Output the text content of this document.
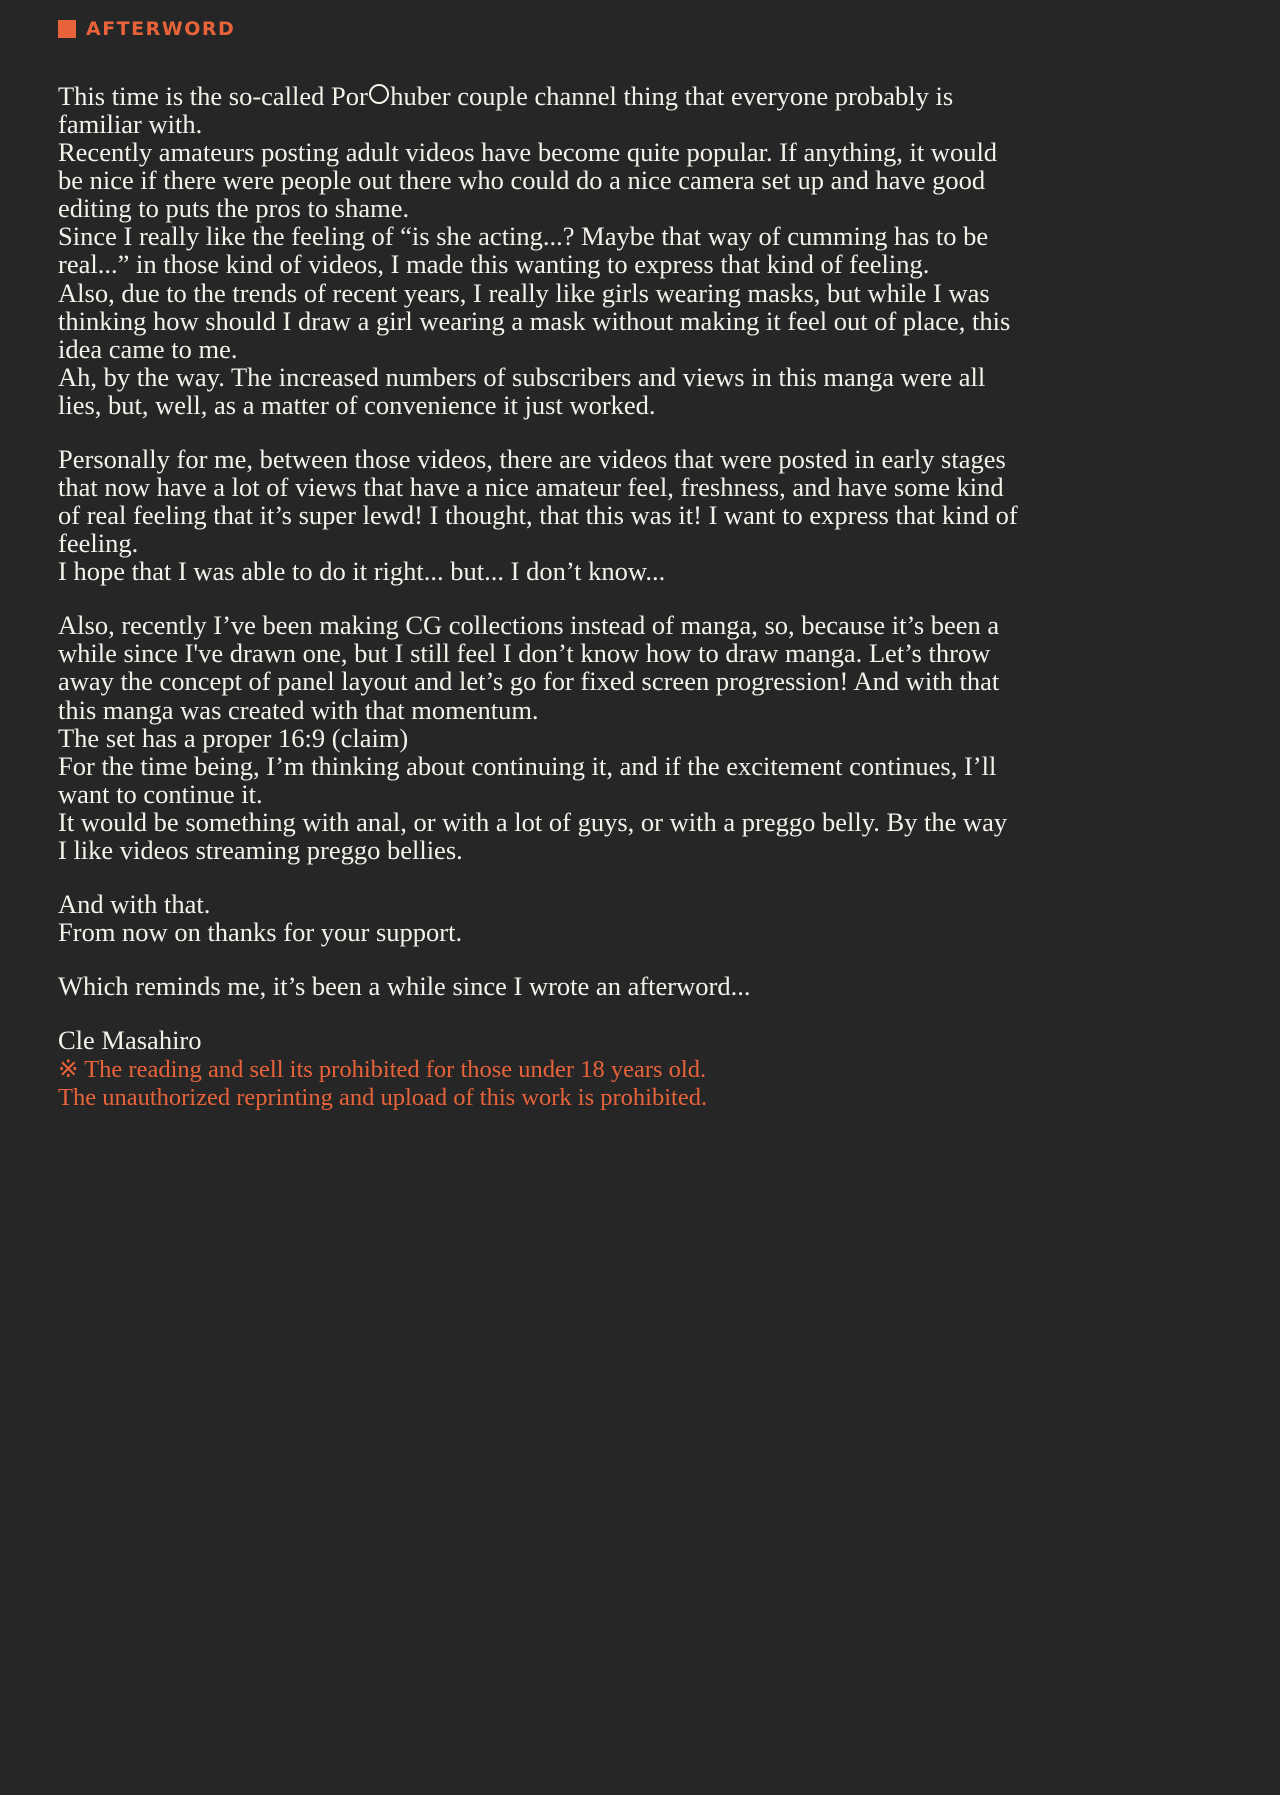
AFTERWORD

This time is the so-called Por huber couple channel thing that everyone probably is
familiar with.
Recently amateurs posting adult videos have become quite popular. If anything, it would
be nice if there were people out there who could do a nice camera set up and have good
editing to puts the pros to shame.
Since I really like the feeling of “is she acting...? Maybe that way of cumming has to be
real...” in those kind of videos, I made this wanting to express that kind of feeling.
Also, due to the trends of recent years, I really like girls wearing masks, but while I was
thinking how should I draw a girl wearing a mask without making it feel out of place, this
idea came to me.
Ah, by the way. The increased numbers of subscribers and views in this manga were all
lies, but, well, as a matter of convenience it just worked.

Personally for me, between those videos, there are videos that were posted in early stages
that now have a lot of views that have a nice amateur feel, freshness, and have some kind
of real feeling that it’s super lewd! I thought, that this was it! I want to express that kind of
feeling.
I hope that I was able to do it right... but... I don’t know...

Also, recently I’ve been making CG collections instead of manga, so, because it’s been a
while since I've drawn one, but I still feel I don’t know how to draw manga. Let’s throw
away the concept of panel layout and let’s go for fixed screen progression! And with that
this manga was created with that momentum.
The set has a proper 16:9 (claim)
For the time being, I’m thinking about continuing it, and if the excitement continues, I’ll
want to continue it.
It would be something with anal, or with a lot of guys, or with a preggo belly. By the way
I like videos streaming preggo bellies.

And with that.
From now on thanks for your support.

Which reminds me, it’s been a while since I wrote an afterword...

Cle Masahiro

※ The reading and sell its prohibited for those under 18 years old.
The unauthorized reprinting and upload of this work is prohibited.
